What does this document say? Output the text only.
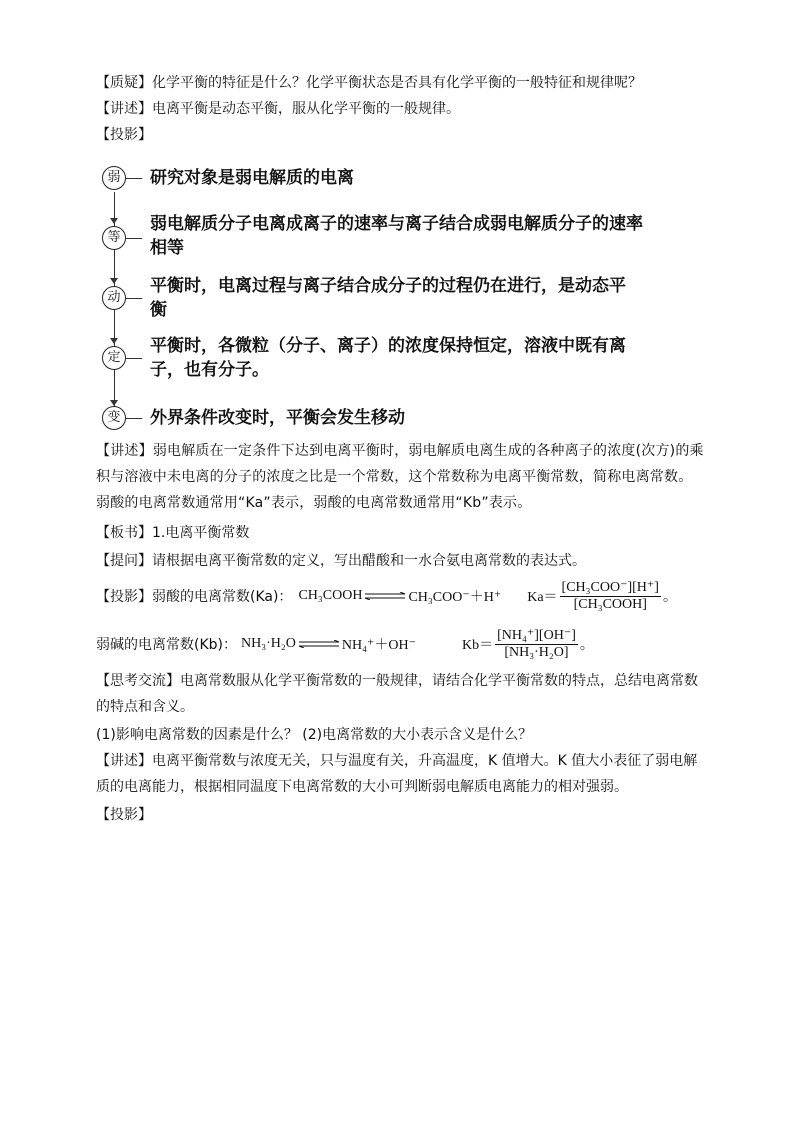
【质疑】化学平衡的特征是什么？化学平衡状态是否具有化学平衡的一般特征和规律呢？

【讲述】电离平衡是动态平衡，服从化学平衡的一般规律。

【投影】

弱	研究对象是弱电解质的电离
等
弱电解质分子电离成离子的速率与离子结合成弱电解质分子的速率相等
动
平衡时，电离过程与离子结合成分子的过程仍在进行，是动态平衡
定
平衡时，各微粒（分子、离子）的浓度保持恒定，溶液中既有离子，也有分子。
变	外界条件改变时，平衡会发生移动

【讲述】弱电解质在一定条件下达到电离平衡时，弱电解质电离生成的各种离子的浓度(次方)的乘积与溶液中未电离的分子的浓度之比是一个常数，这个常数称为电离平衡常数，简称电离常数。弱酸的电离常数通常用“Ka”表示，弱酸的电离常数通常用“Kb”表示。

【板书】1.电离平衡常数

【提问】请根据电离平衡常数的定义，写出醋酸和一水合氨电离常数的表达式。

【投影】 弱酸的电离常数(Ka)： CH₃COOH ⇌ CH₃COO⁻＋H⁺ $Ka= \frac{\text{[CH₃COO⁻][H⁺]}}{\text{[CH₃COOH]}}$ 。
弱碱的电离常数(Kb)： NH₃·H₂O ⇌ NH₄⁺＋OH⁻	$Kb= \frac{\text{[NH₄⁺][OH⁻]}}{\text{[NH₃·H₂O]}}$ 。

【思考交流】电离常数服从化学平衡常数的一般规律，请结合化学平衡常数的特点，总结电离常数的特点和含义。

(1)影响电离常数的因素是什么？ (2)电离常数的大小表示含义是什么？

【讲述】电离平衡常数与浓度无关，只与温度有关，升高温度，K 值增大。K 值大小表征了弱电解质的电离能力，根据相同温度下电离常数的大小可判断弱电解质电离能力的相对强弱。

【投影】
